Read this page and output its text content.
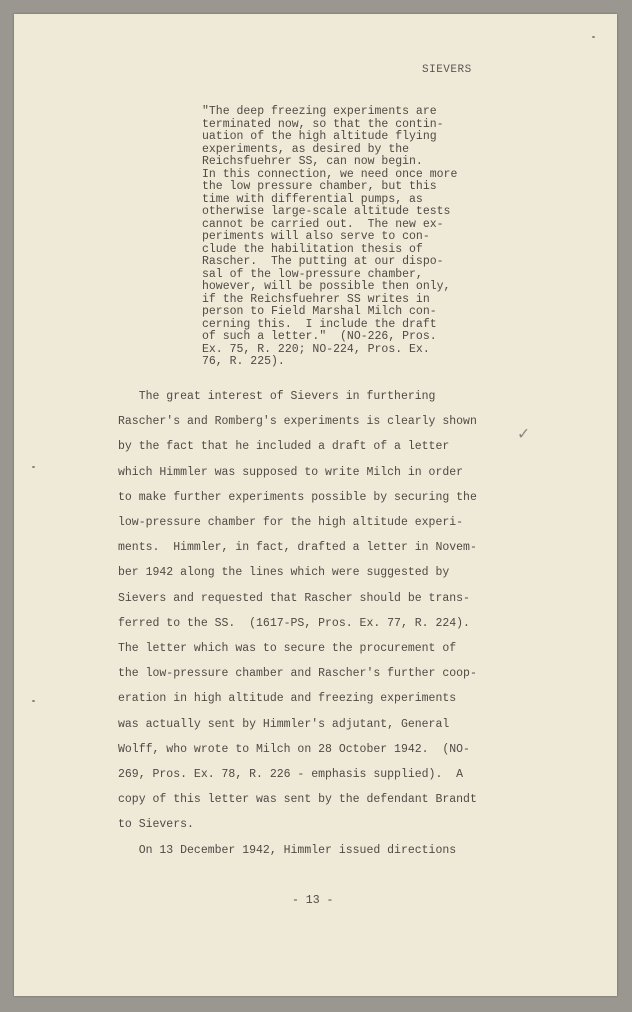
SIEVERS
"The deep freezing experiments are
terminated now, so that the contin-
uation of the high altitude flying
experiments, as desired by the
Reichsfuehrer SS, can now begin.
In this connection, we need once more
the low pressure chamber, but this
time with differential pumps, as
otherwise large-scale altitude tests
cannot be carried out.  The new ex-
periments will also serve to con-
clude the habilitation thesis of
Rascher.  The putting at our dispo-
sal of the low-pressure chamber,
however, will be possible then only,
if the Reichsfuehrer SS writes in
person to Field Marshal Milch con-
cerning this.  I include the draft
of such a letter."  (NO-226, Pros.
Ex. 75, R. 220; NO-224, Pros. Ex.
76, R. 225).
The great interest of Sievers in furthering
Rascher's and Romberg's experiments is clearly shown
by the fact that he included a draft of a letter
which Himmler was supposed to write Milch in order
to make further experiments possible by securing the
low-pressure chamber for the high altitude experi-
ments.  Himmler, in fact, drafted a letter in Novem-
ber 1942 along the lines which were suggested by
Sievers and requested that Rascher should be trans-
ferred to the SS.  (1617-PS, Pros. Ex. 77, R. 224).
The letter which was to secure the procurement of
the low-pressure chamber and Rascher's further coop-
eration in high altitude and freezing experiments
was actually sent by Himmler's adjutant, General
Wolff, who wrote to Milch on 28 October 1942.  (NO-
269, Pros. Ex. 78, R. 226 - emphasis supplied).  A
copy of this letter was sent by the defendant Brandt
to Sievers.
On 13 December 1942, Himmler issued directions
✓
- 13 -
